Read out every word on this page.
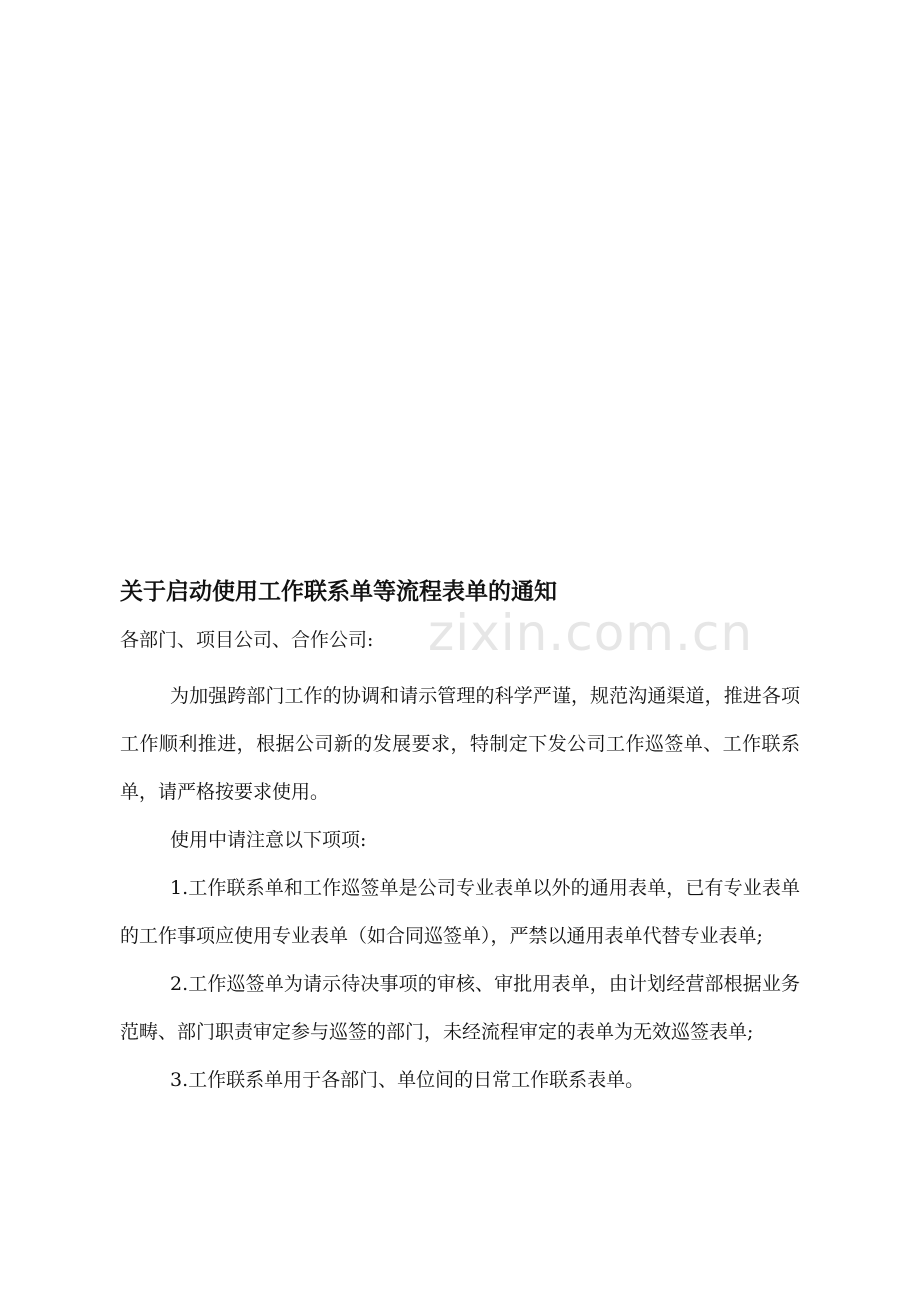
zixin.com.cn
关于启动使用工作联系单等流程表单的通知
各部门、项目公司、合作公司:

为加强跨部门工作的协调和请示管理的科学严谨，规范沟通渠道，推进各项工作顺利推进，根据公司新的发展要求，特制定下发公司工作巡签单、工作联系单，请严格按要求使用。

使用中请注意以下项项:

1.工作联系单和工作巡签单是公司专业表单以外的通用表单，已有专业表单的工作事项应使用专业表单（如合同巡签单），严禁以通用表单代替专业表单;

2.工作巡签单为请示待决事项的审核、审批用表单，由计划经营部根据业务范畴、部门职责审定参与巡签的部门，未经流程审定的表单为无效巡签表单;

3.工作联系单用于各部门、单位间的日常工作联系表单。
